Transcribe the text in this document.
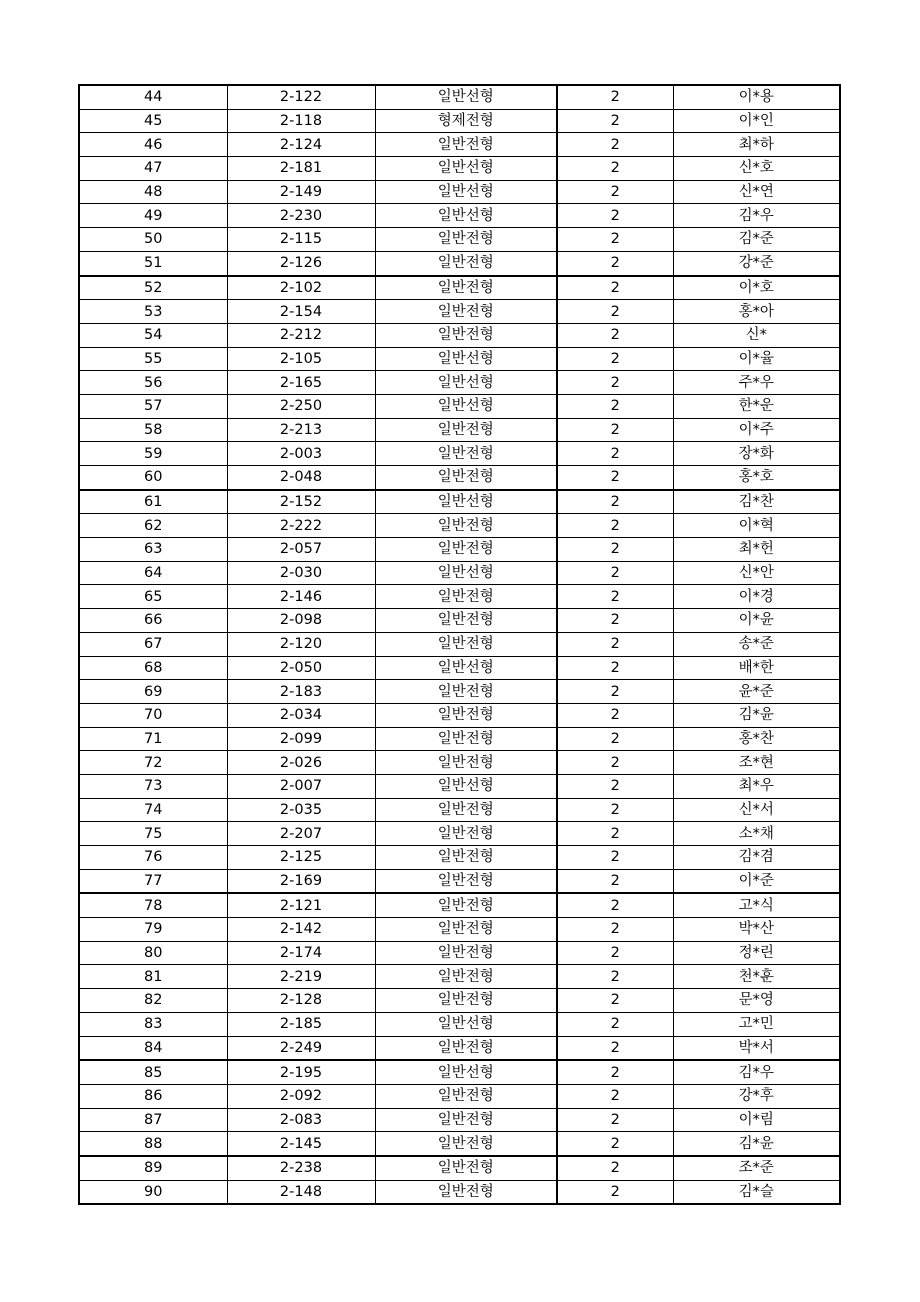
44	2-122	일반선형	2	이*용
45	2-118	형제전형	2	이*인
46	2-124	일반전형	2	최*하
47	2-181	일반선형	2	신*호
48	2-149	일반선형	2	신*연
49	2-230	일반선형	2	김*우
50	2-115	일반전형	2	김*준
51	2-126	일반전형	2	강*준
52	2-102	일반전형	2	이*호
53	2-154	일반전형	2	홍*아
54	2-212	일반전형	2	신*
55	2-105	일반선형	2	이*율
56	2-165	일반선형	2	주*우
57	2-250	일반선형	2	한*운
58	2-213	일반전형	2	이*주
59	2-003	일반전형	2	장*화
60	2-048	일반전형	2	홍*호
61	2-152	일반선형	2	김*찬
62	2-222	일반전형	2	이*혁
63	2-057	일반전형	2	최*헌
64	2-030	일반선형	2	신*안
65	2-146	일반전형	2	이*경
66	2-098	일반전형	2	이*윤
67	2-120	일반전형	2	송*준
68	2-050	일반선형	2	배*한
69	2-183	일반전형	2	윤*준
70	2-034	일반전형	2	김*윤
71	2-099	일반전형	2	홍*찬
72	2-026	일반전형	2	조*현
73	2-007	일반선형	2	최*우
74	2-035	일반전형	2	신*서
75	2-207	일반전형	2	소*채
76	2-125	일반전형	2	김*겸
77	2-169	일반전형	2	이*준
78	2-121	일반전형	2	고*식
79	2-142	일반전형	2	박*산
80	2-174	일반전형	2	정*린
81	2-219	일반전형	2	천*훈
82	2-128	일반전형	2	문*영
83	2-185	일반선형	2	고*민
84	2-249	일반전형	2	박*서
85	2-195	일반선형	2	김*우
86	2-092	일반전형	2	강*후
87	2-083	일반전형	2	이*림
88	2-145	일반전형	2	김*윤
89	2-238	일반전형	2	조*준
90	2-148	일반전형	2	김*슬
